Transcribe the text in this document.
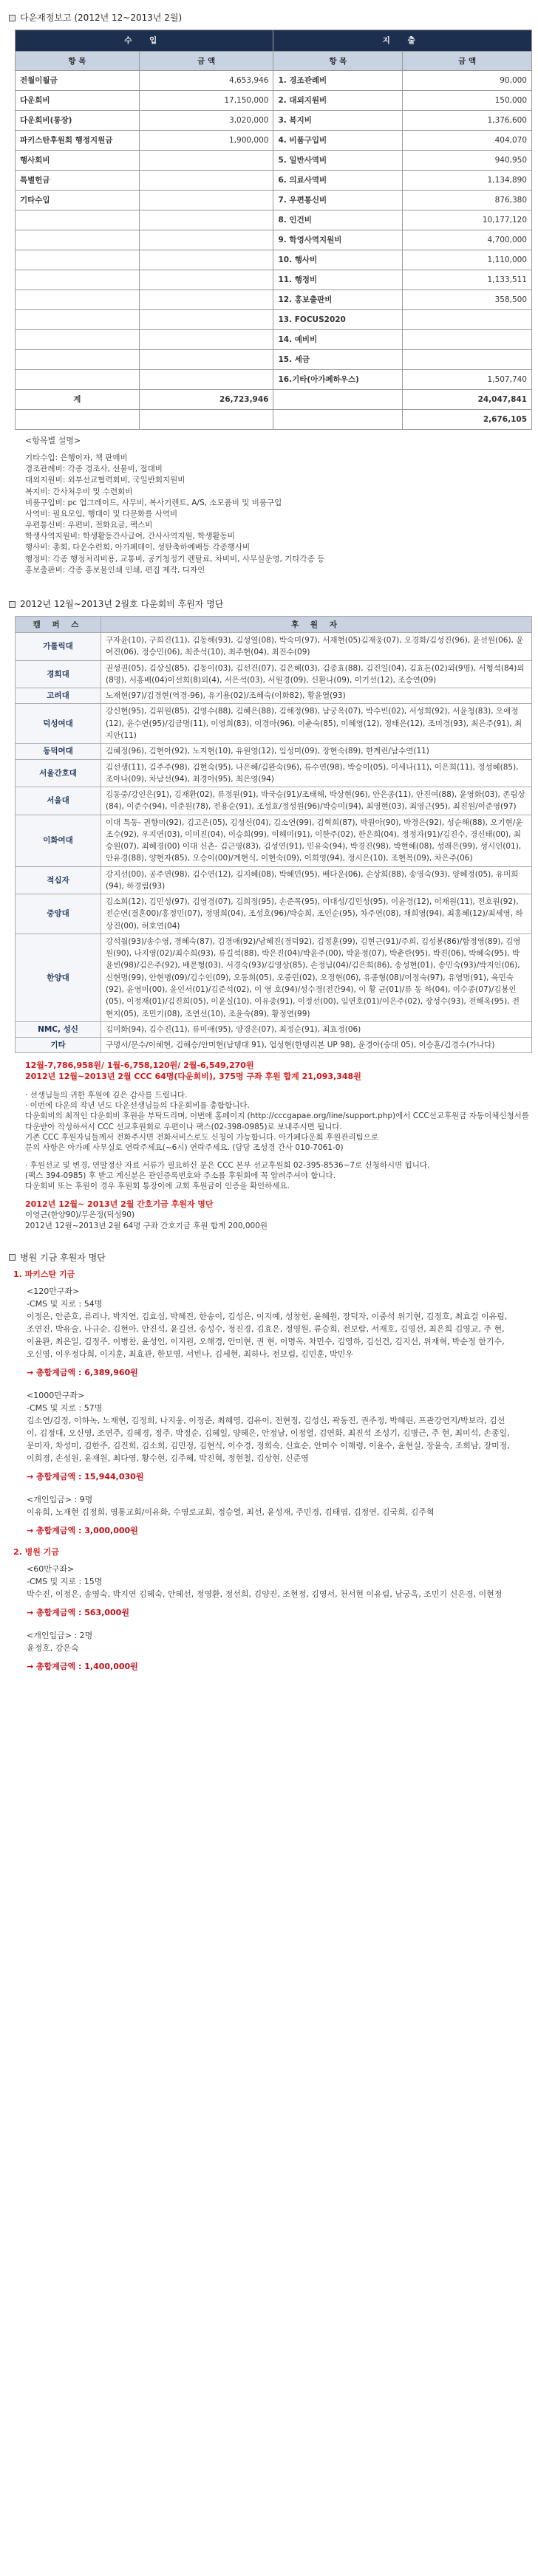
다운재정보고 (2012년 12~2013년 2월)
수 입		지 출	
항 목	금 액	항 목	금 액
전월이월금	4,653,946	1. 경조관례비	90,000
다운회비	17,150,000	2. 대외지원비	150,000
다운회비(통장)	3,020,000	3. 복지비	1,376,600
파키스탄후원회 행정지원금	1,900,000	4. 비품구입비	404,070
행사회비		5. 일반사역비	940,950
특별헌금		6. 의료사역비	1,134,890
기타수입		7. 우편통신비	876,380
		8. 인건비	10,177,120
		9. 학영사역지원비	4,700,000
		10. 행사비	1,110,000
		11. 행정비	1,133,511
		12. 홍보출판비	358,500
		13. FOCUS2020	
		14. 예비비	
		15. 세금	
		16.기타(아가페하우스)	1,507,740
계	26,723,946		24,047,841
			2,676,105
<항목별 설명>
기타수입: 은행이자, 책 판매비
경조관례비: 각종 경조사, 선물비, 접대비
대외지원비: 외부선교협력회비, 국일반회지원비
복지비: 간사처우비 및 수련회비
비품구입비: pc 업그레이드, 사무비, 복사기렌트, A/S, 소모품비 및 비품구입
사역비: 필요모임, 행대이 및 다문화를 사역비
우편통신비: 우편비, 전화요금, 팩스비
학생사역지원비: 학생활동간사급여, 간사사역지원, 학생활동비
행사비: 총회, 다운수련회, 아가페데이, 성탄축하예배등 각종행사비
행정비: 각종 행정처리비용, 교통비, 공기청정기 렌탈료, 차비비, 사무실운영, 기타각종 등
홍보출판비: 각종 홍보물인쇄 인쇄, 편집 제작, 디자인
2012년 12월~2013년 2월호 다운회비 후원자 명단
캠 퍼 스	후 원 자
가톨릭대	구자윤(10), 구희진(11), 김동해(93), 김성열(08), 박숙미(97), 서재현(05)김재웅(07), 오경화/김성진(96), 윤선원(06), 윤여진(06), 정승민(06), 최준석(10), 최주현(04), 최진수(09)
경희대	권성권(05), 김상실(85), 김동이(03), 김선건(07), 김은혜(03), 김종효(88), 김진일(04), 김효돈(02)외(9명), 서형석(84)외(8명), 서홍배(04)이선희(8)외(4), 서은석(03), 서원경(09), 신환나(09), 이기선(12), 조승연(09)
고려대	노재현(97)/김경현(역경-96), 유기용(02)/조혜숙(이화82), 황윤열(93)
덕성여대	강신현(95), 김위원(85), 김영수(88), 김혜은(88), 김해정(98), 남궁옥(07), 박수빈(02), 서성희(92), 서윤청(83), 오애정(12), 윤수연(95)/김금명(11), 이영희(83), 이경아(96), 이춘숙(85), 이혜영(12), 정태은(12), 조미경(93), 최은주(91), 최지안(11)
동덕여대	김혜정(96), 김현아(92), 노지현(10), 유원영(12), 임성미(09), 장현숙(89), 한계린/남수연(11)
서울간호대	김선생(11), 김주주(98), 김현숙(95), 나은혜/김완숙(96), 류수연(98), 박승이(05), 이세나(11), 이은희(11), 정성혜(85), 조아나(09), 차남선(94), 최경아(95), 최은영(94)
서울대	김동중/강인은(91), 김재환(02), 류정원(91), 박국승(91)/조태해, 박상현(96), 안은종(11), 안진여(88), 윤영화(03), 존림상(84), 이준수(94), 이준원(78), 전용순(91), 조성효/정성원(96)/박승미(94), 최영현(03), 최영근(95), 최진원/이준영(97)
이화여대	이대 특동- 권향미(92), 김고은(05), 김성신(04), 김소연(99), 김혁희(87), 박원아(90), 박경은(92), 성순해(88), 오기현/윤조수(92), 우지연(03), 이미진(04), 이승희(99), 이해미(91), 이한주(02), 한은희(04), 정정자(91)/김진수, 경신태(00), 최승원(07), 최혜경(00) 이대 신촌- 김근영(83), 김성연(91), 민유숙(94), 박경진(98), 박현혜(08), 성래은(99), 성시인(01), 안유경(88), 양현자(85), 오승이(00)/계현식, 이현숙(09), 이희영(94), 정시은(10), 조현목(09), 차은주(06)
적십자	강지선(00), 공주연(98), 김수연(12), 김지혜(08), 박혜민(95), 배다운(06), 손상희(88), 송영숙(93), 양혜정(05), 유미희(94), 하경림(93)
중앙대	김소희(12), 김민성(97), 김영경(07), 김희정(95), 손준목(95), 이대성/김민성(95), 이윤경(12), 이재원(11), 전호원(92), 전순연(결혼00)/홍정민(07), 정명희(04), 조성호(96)/박승희, 조인순(95), 차주연(08), 채희영(94), 최홍혜(12)/최세영, 하상진(00), 허호연(04)
한양대	강석월(93)/송수영, 경혜숙(87), 김경애(92)/남혜진(경덕92), 김정훈(99), 김현근(91)/주희, 김성봉(86)/함정영(89), 김영원(90), 나지영(02)/최수희(93), 류길석(88), 박은진(04)/박윤주(00), 박윤정(07), 박춘란(95), 박진(06), 박혜숙(95), 박윤빈(98)/김은주(92), 배문형(03), 서경숙(93)/김영상(85), 손정님(04)/김은희(86), 송성현(01), 송민숙(93)/박지인(06), 신현명(99), 안현병(09)/김수인(09), 오동희(05), 오중민(02), 오정현(06), 유종형(08)/이정숙(97), 유영명(91), 육민숙(92), 윤영미(00), 윤인서(01)/김준석(02), 이 영 호(94)/성수경(전간94), 이 황 균(01)/류 동 하(04), 이수종(07)/김봉인(05), 이정재(01)/김진희(05), 이윤실(10), 이유종(91), 이정선(00), 임연호(01)/이은주(02), 장성수(93), 전해옥(95), 전현지(05), 조민기(08), 조연선(10), 조윤숙(89), 황정연(99)
NMC, 성신	김미화(94), 김수진(11), 류미애(95), 양경은(07), 최정순(91), 최효정(06)
기타	구명서/문수/이혜현, 김해승/안미현(남뎅대 91), 업성현(한뎅리본 UP 98), 윤경아(숭대 05), 이승훈/김경수(가나다)
12월-7,786,958원/ 1월-6,758,120원/ 2월-6,549,270원
2012년 12월~2013년 2월 CCC 64명(다운회비), 375명 구좌 후원 합계 21,093,348원
· 선생님들의 귀한 후원에 깊은 감사를 드립니다.
· 이번에 다운의 작년 년도 다운선생님들의 다운회비를 총합합니다.
다운회비의 최적인 다운회비 후원을 부탁드리며, 이번에 홈페이지 (http://cccgapae.org/line/support.php)에서 CCC선교후원금 자동이체신청서를 다운받아 작성하셔서 CCC 선교후원회로 우편이나 팩스(02-398-0985)로 보내주시면 됩니다.
기존 CCC 후원자님들께서 전화주시면 전화서비스로도 신청이 가능합니다. 아가페다운회 후원관리팀으로
문의 사항은 아가페 사무실로 연락주세요(~6시) 연락주세요. (담당 조성경 간사 010-7061-0)
· 후원선교 및 변경, 연말정산 자료 서류가 필요하신 분은 CCC 본부 선교후원회 02-395-8536~7로 신청하시면 됩니다.
(팩스 394-0985) 후 받고 계신분은 관인증록번호와 주소를 후원회에 꼭 알려주셔야 합니다.
다운회비 또는 후원이 경우 후원회 통장이에 교회 후원금이 인증을 확인하세요.
2012년 12월~ 2013년 2월 간호기금 후원자 명단
이영근(한양90)/무은정(덕성90)
2012년 12월~2013년 2월 64명 구좌 간호기금 후원 합계 200,000원
병원 기금 후원자 명단
1. 파키스탄 기금
<120만구좌>
-CMS 및 지로 : 54명
이정은, 안준호, 류리나, 박지연, 김효심, 박혜진, 한송이, 김성은, 이지예, 성창헌, 윤혜원, 장덕자, 이중석 위기현, 김정호, 최효걸 이유림, 조연진, 박유술, 나규순, 김현아, 안진석, 윤길선, 송성수, 정진경, 김효은, 정영원, 류승희, 전보람, 서재호, 김영선, 최은희 김영교, 주 현, 이윤완, 최은일, 김정주, 이병찬, 윤성인, 이지원, 오해경, 안미현, 권 현, 이명옥, 차민수, 김영하, 김선건, 김지선, 위재혁, 박순정 한기수, 오신영, 이우정다희, 이지훈, 최효관, 한보영, 서빈나, 김세현, 최하나, 전보림, 김민훈, 박민우
→ 총합계금액 : 6,389,960원
<1000만구좌>
-CMS 및 지로 : 57명
김소연/김정, 이하녹, 노재현, 김정희, 나지웅, 이정준, 최혜영, 김유이, 전현정, 김성신, 곽동진, 권주정, 박혜린, 프관강연지/박보라, 김선이, 김정대, 오신영, 조연주, 김혜경, 정주, 박정순, 김혜일, 양혜은, 안정남, 이정열, 김연화, 최진석 조성기, 김병근, 주 현, 최미석, 손종일, 문미자, 차성미, 김한주, 김진희, 김소희, 김민정, 김현식, 이수경, 정희숙, 신효순, 안미수 이해령, 이윤수, 윤현실, 장윤숙, 조희남, 장미정, 이희경, 손성원, 윤재원, 최다영, 황수현, 김주혜, 박진혁, 정현철, 김상현, 신준영
→ 총합계금액 : 15,944,030원
<개인입금> : 9명
이유희, 노재현 김정희, 영통교회/이유화, 수영로교회, 정승열, 최선, 윤성재, 주민경, 김태엽, 김정연, 김국희, 김주혁
→ 총합계금액 : 3,000,000원
2. 병원 기금
<60만구좌>
-CMS 및 지로 : 15명
박수진, 이정은, 송영숙, 박지연 김혜숙, 안혜선, 정영환, 정선희, 김양진, 조현정, 김영서, 천서현 이유림, 남궁옥, 조민기 신은경, 이현정
→ 총합계금액 : 563,000원
<개인입금> : 2명
윤정호, 강은숙
→ 총합계금액 : 1,400,000원
